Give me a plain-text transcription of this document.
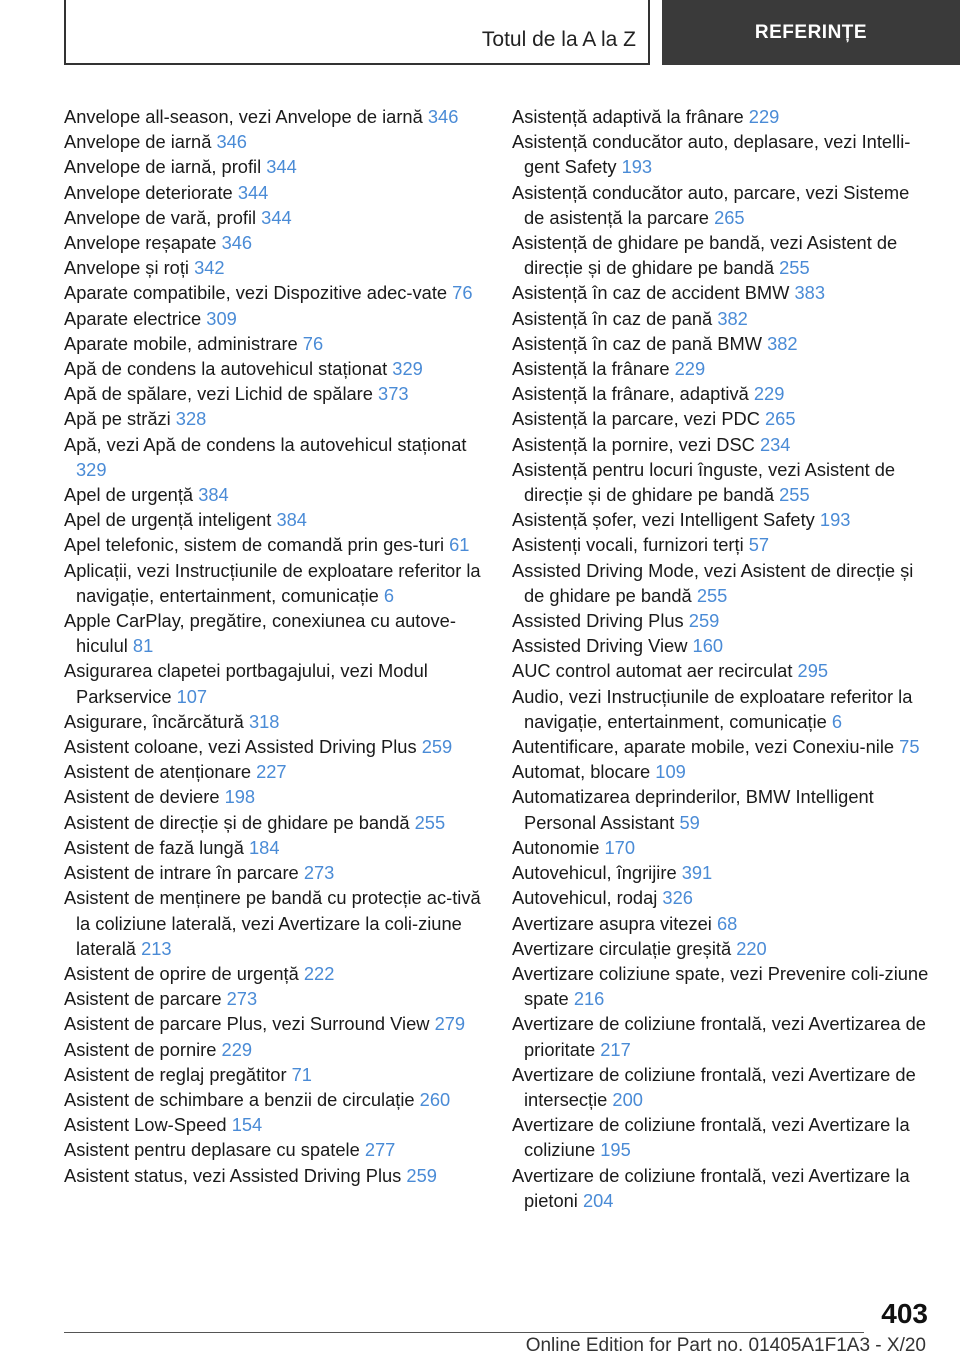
Totul de la A la Z	REFERINȚE
Anvelope all-season, vezi Anvelope de iarnă 346
Anvelope de iarnă 346
Anvelope de iarnă, profil 344
Anvelope deteriorate 344
Anvelope de vară, profil 344
Anvelope reșapate 346
Anvelope și roți 342
Aparate compatibile, vezi Dispozitive adec-vate 76
Aparate electrice 309
Aparate mobile, administrare 76
Apă de condens la autovehicul staționat 329
Apă de spălare, vezi Lichid de spălare 373
Apă pe străzi 328
Apă, vezi Apă de condens la autovehicul staționat 329
Apel de urgență 384
Apel de urgență inteligent 384
Apel telefonic, sistem de comandă prin ges-turi 61
Aplicații, vezi Instrucțiunile de exploatare referitor la navigație, entertainment, comunicație 6
Apple CarPlay, pregătire, conexiunea cu autove-hiculul 81
Asigurarea clapetei portbagajului, vezi Modul Parkservice 107
Asigurare, încărcătură 318
Asistent coloane, vezi Assisted Driving Plus 259
Asistent de atenționare 227
Asistent de deviere 198
Asistent de direcție și de ghidare pe bandă 255
Asistent de fază lungă 184
Asistent de intrare în parcare 273
Asistent de menținere pe bandă cu protecție ac-tivă la coliziune laterală, vezi Avertizare la coli-ziune laterală 213
Asistent de oprire de urgență 222
Asistent de parcare 273
Asistent de parcare Plus, vezi Surround View 279
Asistent de pornire 229
Asistent de reglaj pregătitor 71
Asistent de schimbare a benzii de circulație 260
Asistent Low-Speed 154
Asistent pentru deplasare cu spatele 277
Asistent status, vezi Assisted Driving Plus 259
Asistență adaptivă la frânare 229
Asistență conducător auto, deplasare, vezi Intelli-gent Safety 193
Asistență conducător auto, parcare, vezi Sisteme de asistență la parcare 265
Asistență de ghidare pe bandă, vezi Asistent de direcție și de ghidare pe bandă 255
Asistență în caz de accident BMW 383
Asistență în caz de pană 382
Asistență în caz de pană BMW 382
Asistență la frânare 229
Asistență la frânare, adaptivă 229
Asistență la parcare, vezi PDC 265
Asistență la pornire, vezi DSC 234
Asistență pentru locuri înguste, vezi Asistent de direcție și de ghidare pe bandă 255
Asistență șofer, vezi Intelligent Safety 193
Asistenți vocali, furnizori terți 57
Assisted Driving Mode, vezi Asistent de direcție și de ghidare pe bandă 255
Assisted Driving Plus 259
Assisted Driving View 160
AUC control automat aer recirculat 295
Audio, vezi Instrucțiunile de exploatare referitor la navigație, entertainment, comunicație 6
Autentificare, aparate mobile, vezi Conexiu-nile 75
Automat, blocare 109
Automatizarea deprinderilor, BMW Intelligent Personal Assistant 59
Autonomie 170
Autovehicul, îngrijire 391
Autovehicul, rodaj 326
Avertizare asupra vitezei 68
Avertizare circulație greșită 220
Avertizare coliziune spate, vezi Prevenire coli-ziune spate 216
Avertizare de coliziune frontală, vezi Avertizarea de prioritate 217
Avertizare de coliziune frontală, vezi Avertizare de intersecție 200
Avertizare de coliziune frontală, vezi Avertizare la coliziune 195
Avertizare de coliziune frontală, vezi Avertizare la pietoni 204
403
Online Edition for Part no. 01405A1F1A3 - X/20
